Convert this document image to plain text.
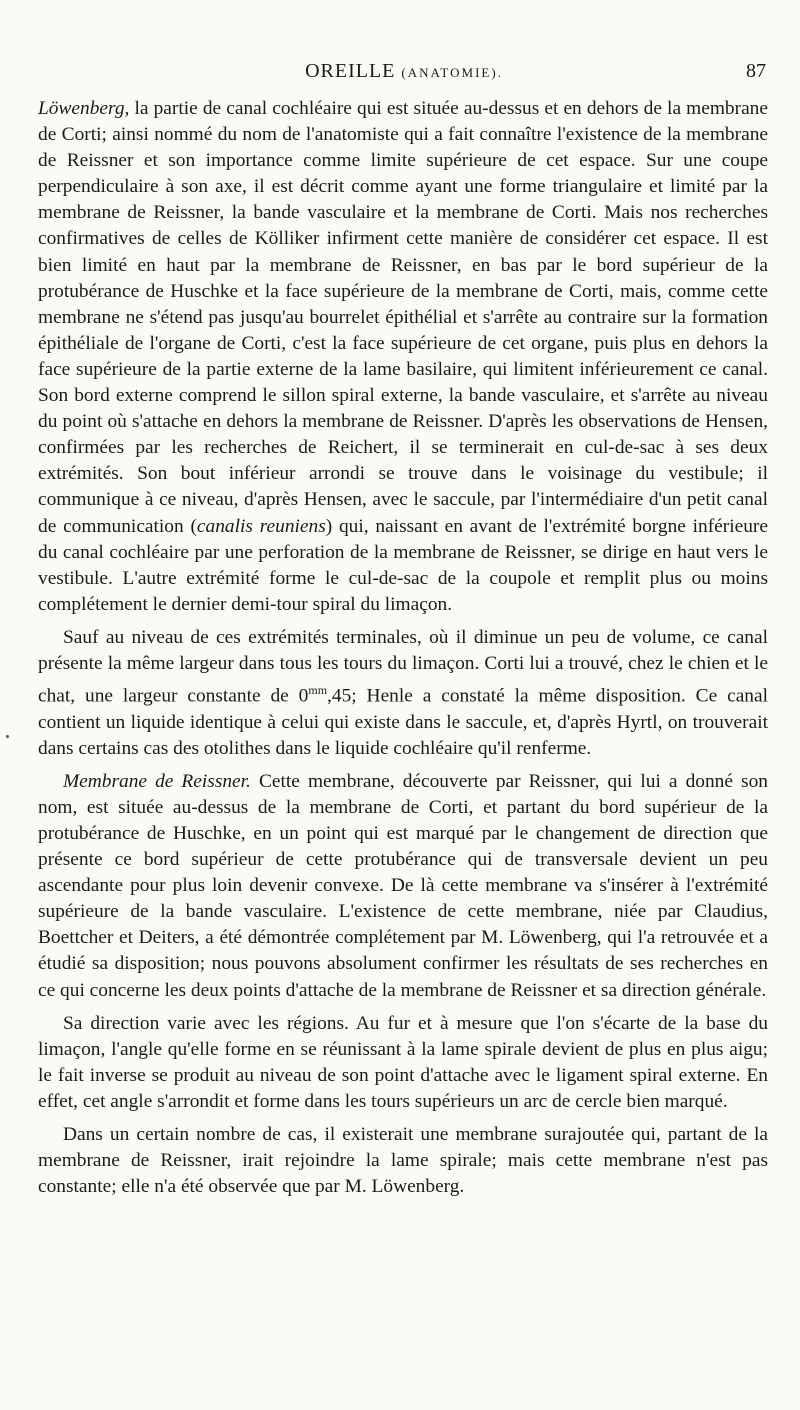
OREILLE (ANATOMIE).	87

Löwenberg, la partie de canal cochléaire qui est située au-dessus et en dehors de la membrane de Corti; ainsi nommé du nom de l'anatomiste qui a fait connaître l'existence de la membrane de Reissner et son importance comme limite supérieure de cet espace. Sur une coupe perpendiculaire à son axe, il est décrit comme ayant une forme triangulaire et limité par la membrane de Reissner, la bande vasculaire et la membrane de Corti. Mais nos recherches confirmatives de celles de Kölliker infirment cette manière de considérer cet espace. Il est bien limité en haut par la membrane de Reissner, en bas par le bord supérieur de la protubérance de Huschke et la face supérieure de la membrane de Corti, mais, comme cette membrane ne s'étend pas jusqu'au bourrelet épithélial et s'arrête au contraire sur la formation épithéliale de l'organe de Corti, c'est la face supérieure de cet organe, puis plus en dehors la face supérieure de la partie externe de la lame basilaire, qui limitent inférieurement ce canal. Son bord externe comprend le sillon spiral externe, la bande vasculaire, et s'arrête au niveau du point où s'attache en dehors la membrane de Reissner. D'après les observations de Hensen, confirmées par les recherches de Reichert, il se terminerait en cul-de-sac à ses deux extrémités. Son bout inférieur arrondi se trouve dans le voisinage du vestibule; il communique à ce niveau, d'après Hensen, avec le saccule, par l'intermédiaire d'un petit canal de communication (canalis reuniens) qui, naissant en avant de l'extrémité borgne inférieure du canal cochléaire par une perforation de la membrane de Reissner, se dirige en haut vers le vestibule. L'autre extrémité forme le cul-de-sac de la coupole et remplit plus ou moins complétement le dernier demi-tour spiral du limaçon.

Sauf au niveau de ces extrémités terminales, où il diminue un peu de volume, ce canal présente la même largeur dans tous les tours du limaçon. Corti lui a trouvé, chez le chien et le chat, une largeur constante de $0^{mm},45$; Henle a constaté la même disposition. Ce canal contient un liquide identique à celui qui existe dans le saccule, et, d'après Hyrtl, on trouverait dans certains cas des otolithes dans le liquide cochléaire qu'il renferme.

Membrane de Reissner. Cette membrane, découverte par Reissner, qui lui a donné son nom, est située au-dessus de la membrane de Corti, et partant du bord supérieur de la protubérance de Huschke, en un point qui est marqué par le changement de direction que présente ce bord supérieur de cette protubérance qui de transversale devient un peu ascendante pour plus loin devenir convexe. De là cette membrane va s'insérer à l'extrémité supérieure de la bande vasculaire. L'existence de cette membrane, niée par Claudius, Boettcher et Deiters, a été démontrée complétement par M. Löwenberg, qui l'a retrouvée et a étudié sa disposition; nous pouvons absolument confirmer les résultats de ses recherches en ce qui concerne les deux points d'attache de la membrane de Reissner et sa direction générale.

Sa direction varie avec les régions. Au fur et à mesure que l'on s'écarte de la base du limaçon, l'angle qu'elle forme en se réunissant à la lame spirale devient de plus en plus aigu; le fait inverse se produit au niveau de son point d'attache avec le ligament spiral externe. En effet, cet angle s'arrondit et forme dans les tours supérieurs un arc de cercle bien marqué.

Dans un certain nombre de cas, il existerait une membrane surajoutée qui, partant de la membrane de Reissner, irait rejoindre la lame spirale; mais cette membrane n'est pas constante; elle n'a été observée que par M. Löwenberg.
